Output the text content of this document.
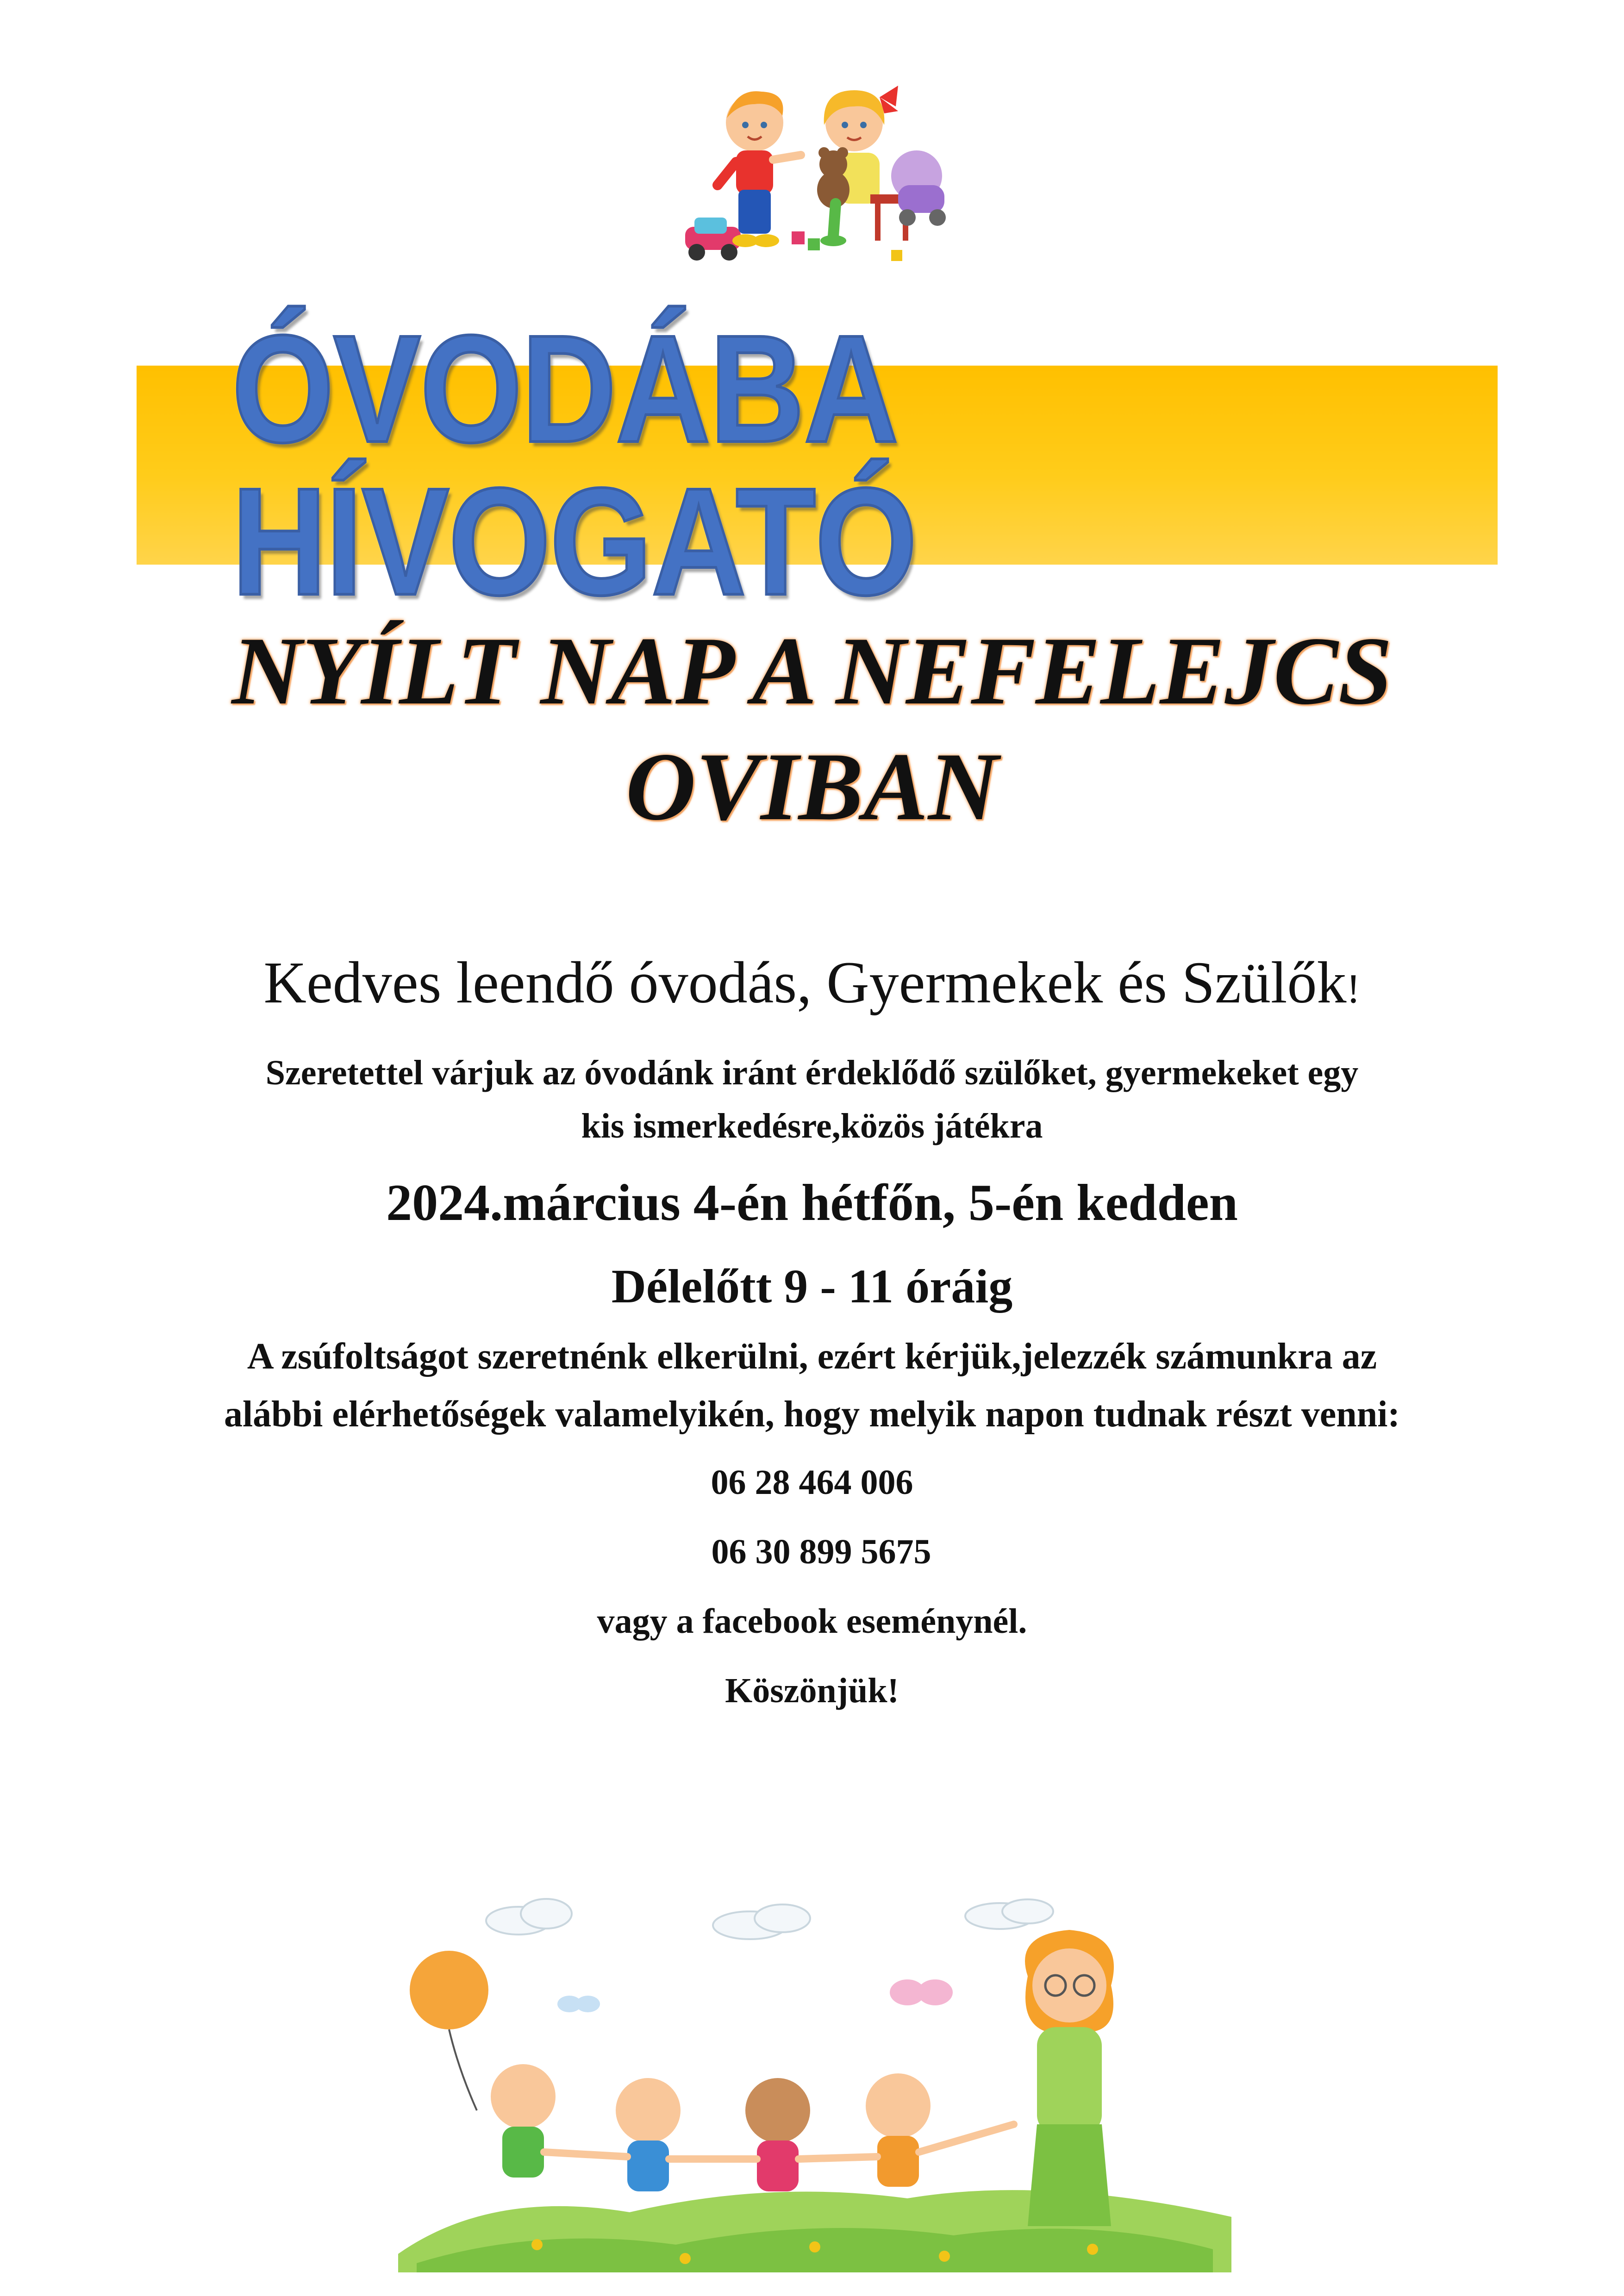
ÓVODÁBA HÍVOGATÓ
NYÍLT NAP A NEFELEJCS
OVIBAN
Kedves leendő óvodás, Gyermekek és Szülők!
Szeretettel várjuk az óvodánk iránt érdeklődő szülőket, gyermekeket egy
kis ismerkedésre,közös játékra
2024.március 4-én hétfőn, 5-én kedden
Délelőtt 9 - 11 óráig
A zsúfoltságot szeretnénk elkerülni, ezért kérjük,jelezzék számunkra az
alábbi elérhetőségek valamelyikén, hogy melyik napon tudnak részt venni:
06 28 464 006
06 30 899 5675
vagy a facebook eseménynél.
Köszönjük!
